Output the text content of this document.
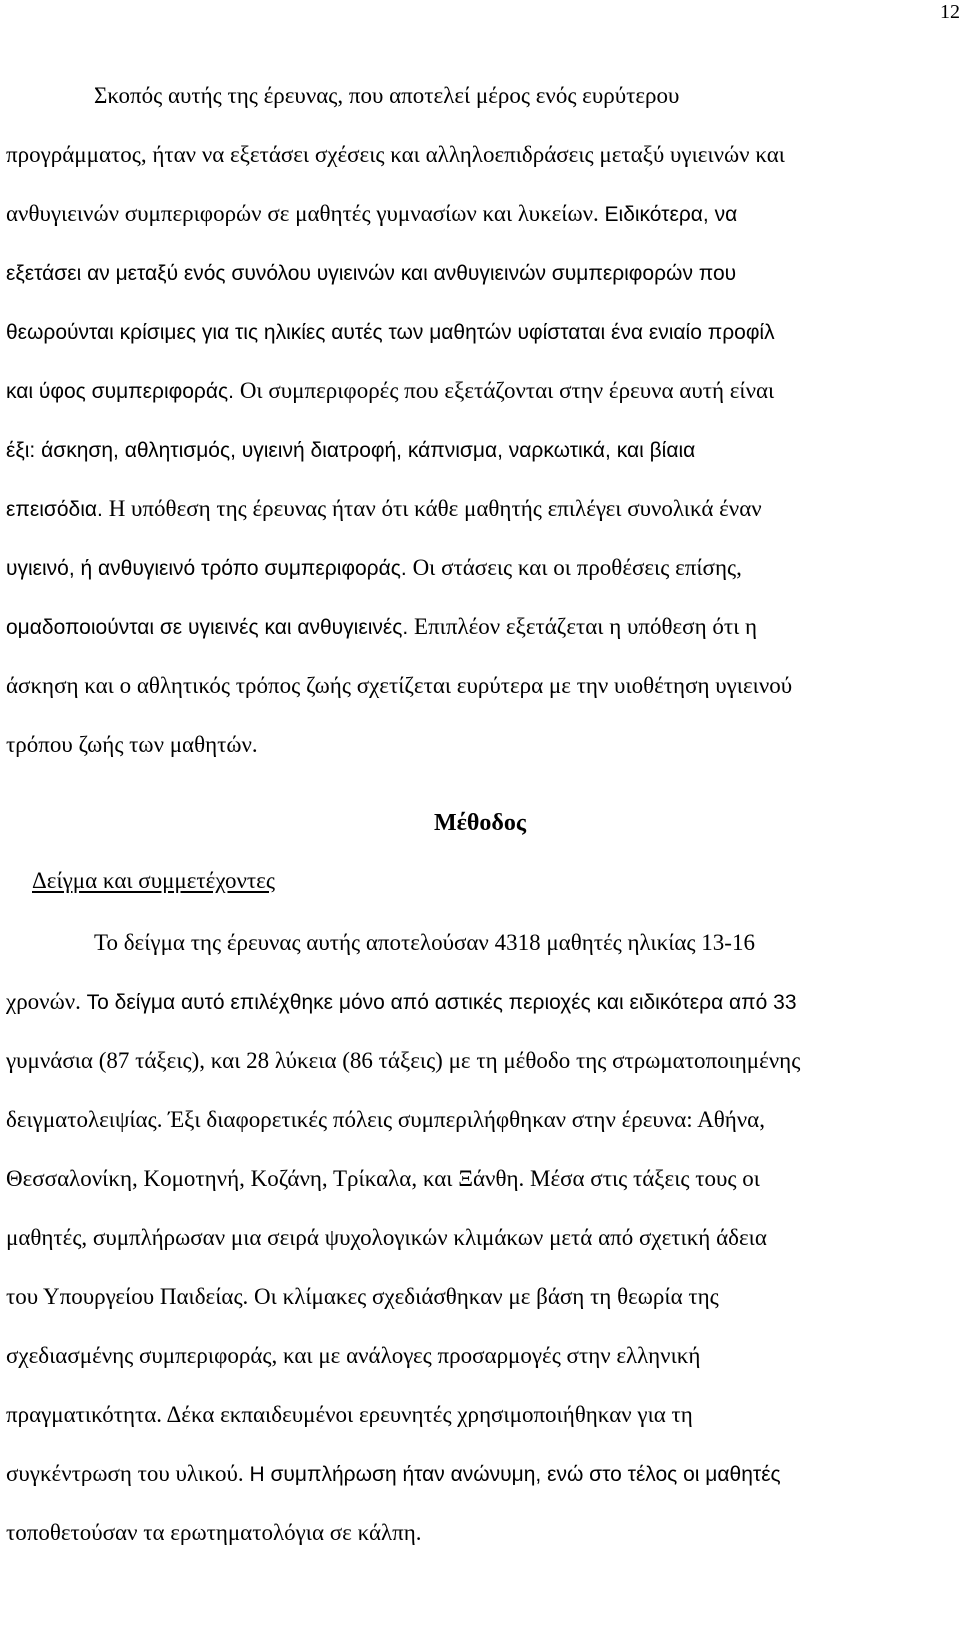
12
Σκοπός αυτής της έρευνας, που αποτελεί μέρος ενός ευρύτερου
προγράμματος, ήταν να εξετάσει σχέσεις και αλληλοεπιδράσεις μεταξύ υγιεινών και
ανθυγιεινών συμπεριφορών σε μαθητές γυμνασίων και λυκείων. Ειδικότερα, να
εξετάσει αν μεταξύ ενός συνόλου υγιεινών και ανθυγιεινών συμπεριφορών που
θεωρούνται κρίσιμες για τις ηλικίες αυτές των μαθητών υφίσταται ένα ενιαίο προφίλ
και ύφος συμπεριφοράς. Οι συμπεριφορές που εξετάζονται στην έρευνα αυτή είναι
έξι: άσκηση, αθλητισμός, υγιεινή διατροφή, κάπνισμα, ναρκωτικά, και βίαια
επεισόδια. Η υπόθεση της έρευνας ήταν ότι κάθε μαθητής επιλέγει συνολικά έναν
υγιεινό, ή ανθυγιεινό τρόπο συμπεριφοράς. Οι στάσεις και οι προθέσεις επίσης,
ομαδοποιούνται σε υγιεινές και ανθυγιεινές. Επιπλέον εξετάζεται η υπόθεση ότι η
άσκηση και ο αθλητικός τρόπος ζωής σχετίζεται ευρύτερα με την υιοθέτηση υγιεινού
τρόπου ζωής των μαθητών.
Μέθοδος
Δείγμα και συμμετέχοντες
Το δείγμα της έρευνας αυτής αποτελούσαν 4318 μαθητές ηλικίας 13-16
χρονών. Το δείγμα αυτό επιλέχθηκε μόνο από αστικές περιοχές και ειδικότερα από 33
γυμνάσια (87 τάξεις), και 28 λύκεια (86 τάξεις) με τη μέθοδο της στρωματοποιημένης
δειγματολειψίας. Έξι διαφορετικές πόλεις συμπεριλήφθηκαν στην έρευνα: Αθήνα,
Θεσσαλονίκη, Κομοτηνή, Κοζάνη, Τρίκαλα, και Ξάνθη. Μέσα στις τάξεις τους οι
μαθητές, συμπλήρωσαν μια σειρά ψυχολογικών κλιμάκων μετά από σχετική άδεια
του Υπουργείου Παιδείας. Οι κλίμακες σχεδιάσθηκαν με βάση τη θεωρία της
σχεδιασμένης συμπεριφοράς, και με ανάλογες προσαρμογές στην ελληνική
πραγματικότητα. Δέκα εκπαιδευμένοι ερευνητές χρησιμοποιήθηκαν για τη
συγκέντρωση του υλικού. Η συμπλήρωση ήταν ανώνυμη, ενώ στο τέλος οι μαθητές
τοποθετούσαν τα ερωτηματολόγια σε κάλπη.
